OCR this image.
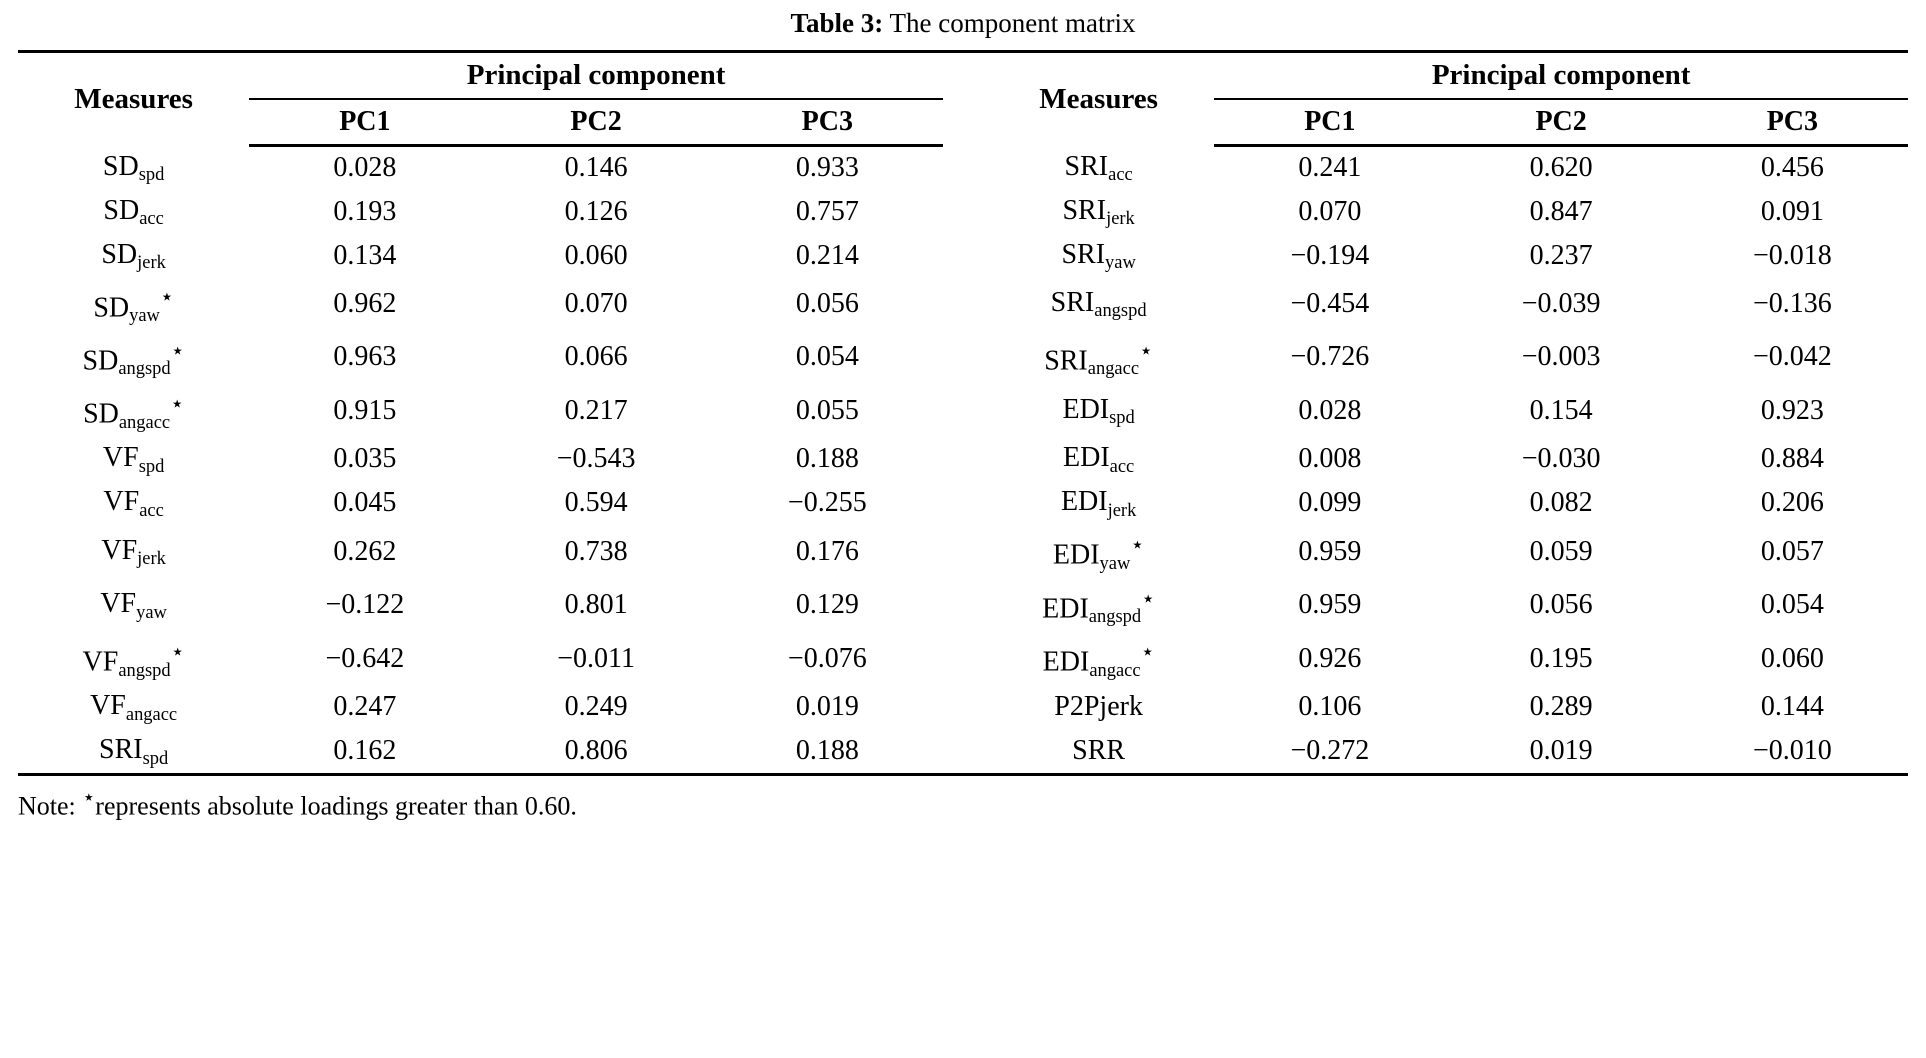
Table 3: The component matrix
Measures	Principal component				Measures	Principal component		
	PC1	PC2	PC3			PC1	PC2	PC3
$SD_{spd}$	0.028	0.146	0.933		$SRI_{acc}$	0.241	0.620	0.456
$SD_{acc}$	0.193	0.126	0.757		$SRI_{jerk}$	0.070	0.847	0.091
$SD_{jerk}$	0.134	0.060	0.214		$SRI_{yaw}$	−0.194	0.237	−0.018
$SD_{yaw}^⋆$	0.962	0.070	0.056		$SRI_{angspd}$	−0.454	−0.039	−0.136
$SD_{angspd}^⋆$	0.963	0.066	0.054		$SRI_{angacc}^⋆$	−0.726	−0.003	−0.042
$SD_{angacc}^⋆$	0.915	0.217	0.055		$EDI_{spd}$	0.028	0.154	0.923
$VF_{spd}$	0.035	−0.543	0.188		$EDI_{acc}$	0.008	−0.030	0.884
$VF_{acc}$	0.045	0.594	−0.255		$EDI_{jerk}$	0.099	0.082	0.206
$VF_{jerk}$	0.262	0.738	0.176		$EDI_{yaw}^⋆$	0.959	0.059	0.057
$VF_{yaw}$	−0.122	0.801	0.129		$EDI_{angspd}^⋆$	0.959	0.056	0.054
$VF_{angspd}^⋆$	−0.642	−0.011	−0.076		$EDI_{angacc}^⋆$	0.926	0.195	0.060
$VF_{angacc}$	0.247	0.249	0.019		P2Pjerk	0.106	0.289	0.144
$SRI_{spd}$	0.162	0.806	0.188		SRR	−0.272	0.019	−0.010
Note: ⋆represents absolute loadings greater than 0.60.
